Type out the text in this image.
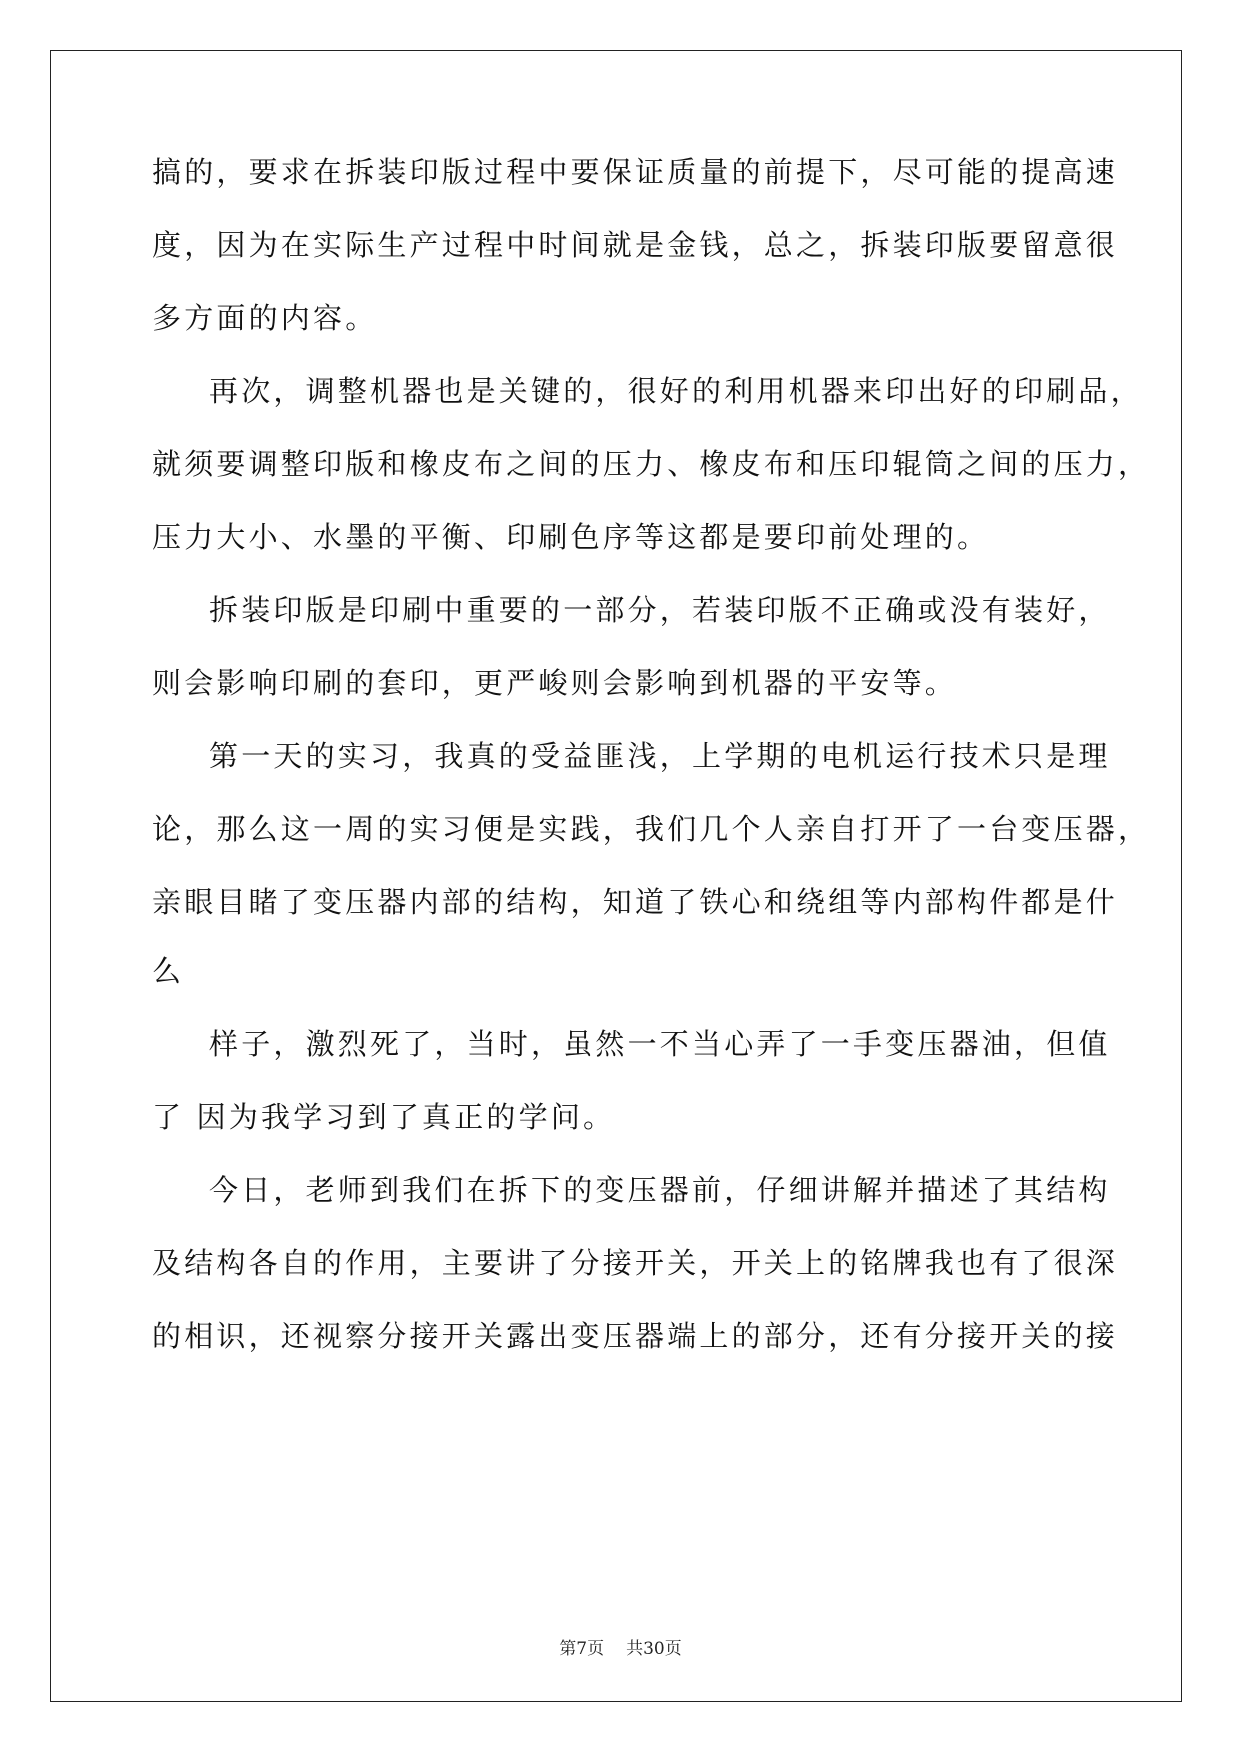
搞的，要求在拆装印版过程中要保证质量的前提下，尽可能的提高速
度，因为在实际生产过程中时间就是金钱，总之，拆装印版要留意很
多方面的内容。
再次，调整机器也是关键的，很好的利用机器来印出好的印刷品，
就须要调整印版和橡皮布之间的压力、橡皮布和压印辊筒之间的压力，
压力大小、水墨的平衡、印刷色序等这都是要印前处理的。
拆装印版是印刷中重要的一部分，若装印版不正确或没有装好，
则会影响印刷的套印，更严峻则会影响到机器的平安等。
第一天的实习，我真的受益匪浅，上学期的电机运行技术只是理
论，那么这一周的实习便是实践，我们几个人亲自打开了一台变压器，
亲眼目睹了变压器内部的结构，知道了铁心和绕组等内部构件都是什
么
样子，激烈死了，当时，虽然一不当心弄了一手变压器油，但值
了 因为我学习到了真正的学问。
今日，老师到我们在拆下的变压器前，仔细讲解并描述了其结构
及结构各自的作用，主要讲了分接开关，开关上的铭牌我也有了很深
的相识，还视察分接开关露出变压器端上的部分，还有分接开关的接
第7页 共30页
